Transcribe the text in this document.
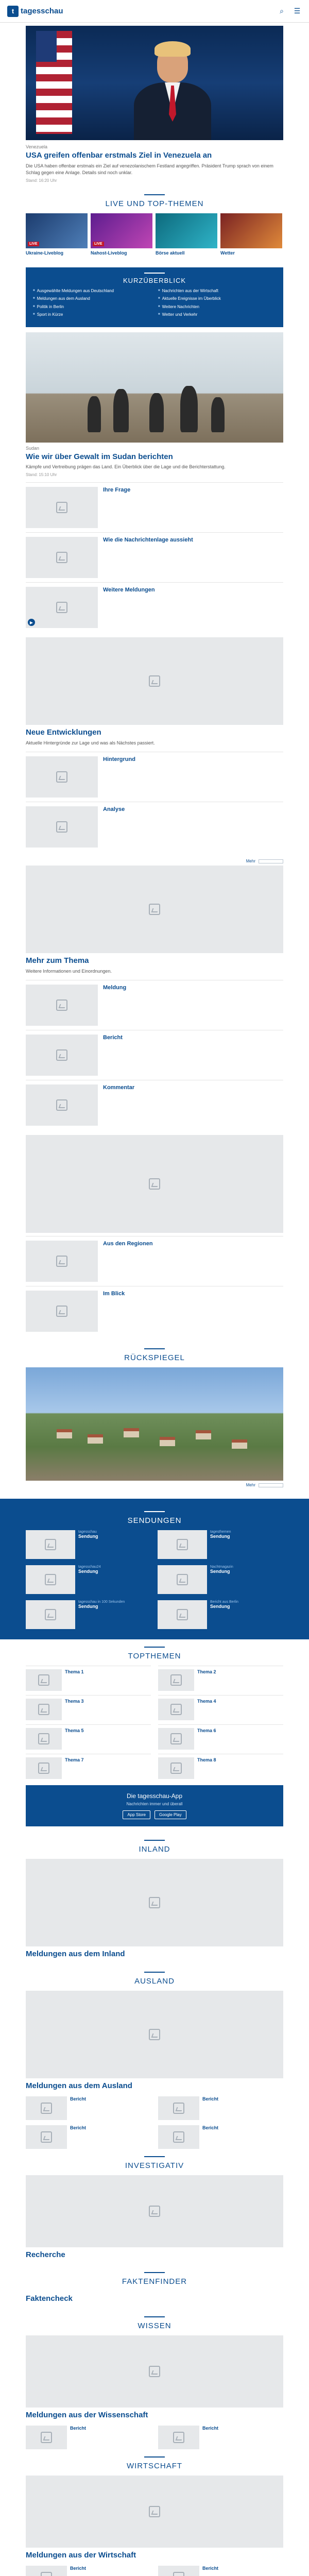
t tagesschau	⌕	☰
Venezuela
USA greifen offenbar erstmals Ziel in Venezuela an
Die USA haben offenbar erstmals ein Ziel auf venezolanischem Festland angegriffen. Präsident Trump sprach von einem Schlag gegen eine Anlage. Details sind noch unklar.
Stand: 16:20 Uhr
LIVE UND TOP-THEMEN
LIVE
Ukraine-Liveblog
LIVE
Nahost-Liveblog	Börse aktuell	Wetter
KURZÜBERBLICK
■ Ausgewählte Meldungen aus Deutschland	■ Nachrichten aus der Wirtschaft
■ Meldungen aus dem Ausland	■ Aktuelle Ereignisse im Überblick
■ Politik in Berlin	■ Weitere Nachrichten
■ Sport in Kürze	■ Wetter und Verkehr
Sudan
Wie wir über Gewalt im Sudan berichten
Kämpfe und Vertreibung prägen das Land. Ein Überblick über die Lage und die Berichterstattung.
Stand: 15:10 Uhr
Ihre Frage
Wie die Nachrichtenlage aussieht
▶
Weitere Meldungen
Neue Entwicklungen
Aktuelle Hintergründe zur Lage und was als Nächstes passiert.
Hintergrund
Analyse
Mehr
Mehr zum Thema
Weitere Informationen und Einordnungen.
Meldung
Bericht
Kommentar
Aus den Regionen
Im Blick
RÜCKSPIEGEL
Mehr
SENDUNGEN
tagesschau
Sendung
tagesthemen
Sendung
tagesschau24
Sendung
Nachtmagazin
Sendung
tagesschau in 100 Sekunden
Sendung
Bericht aus Berlin
Sendung
TOPTHEMEN
Thema 1	Thema 2
Thema 3	Thema 4
Thema 5	Thema 6
Thema 7	Thema 8
Die tagesschau-App
Nachrichten immer und überall
App Store	Google Play
INLAND
Meldungen aus dem Inland
AUSLAND
Meldungen aus dem Ausland
Bericht	Bericht
Bericht	Bericht
INVESTIGATIV
Recherche
FAKTENFINDER
Faktencheck
WISSEN
Meldungen aus der Wissenschaft
Bericht	Bericht
WIRTSCHAFT
Meldungen aus der Wirtschaft
Bericht	Bericht
